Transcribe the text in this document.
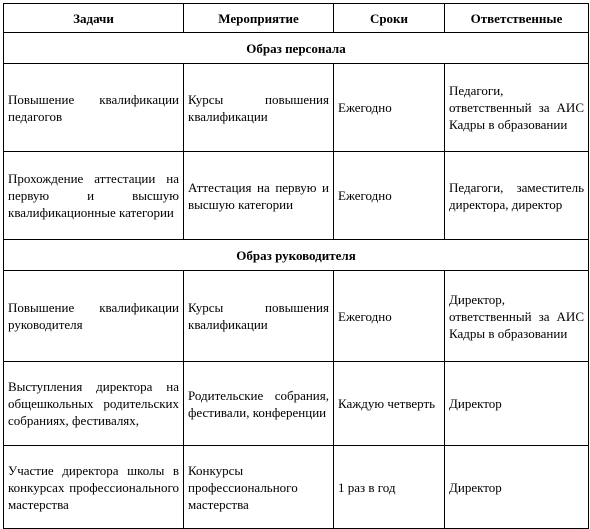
Задачи	Мероприятие	Сроки	Ответственные
Образ персонала			
Повышение квалификации педагогов	Курсы повышения квалификации	Ежегодно	Педагоги, ответственный за АИС Кадры в образовании
Прохождение аттестации на первую и высшую квалификационные категории	Аттестация на первую и высшую категории	Ежегодно	Педагоги, заместитель директора, директор
Образ руководителя			
Повышение квалификации руководителя	Курсы повышения квалификации	Ежегодно	Директор, ответственный за АИС Кадры в образовании
Выступления директора на общешкольных родительских собраниях, фестивалях,	Родительские собрания, фестивали, конференции	Каждую четверть	Директор
Участие директора школы в конкурсах профессионального мастерства	Конкурсы профессионального мастерства	1 раз в год	Директор
